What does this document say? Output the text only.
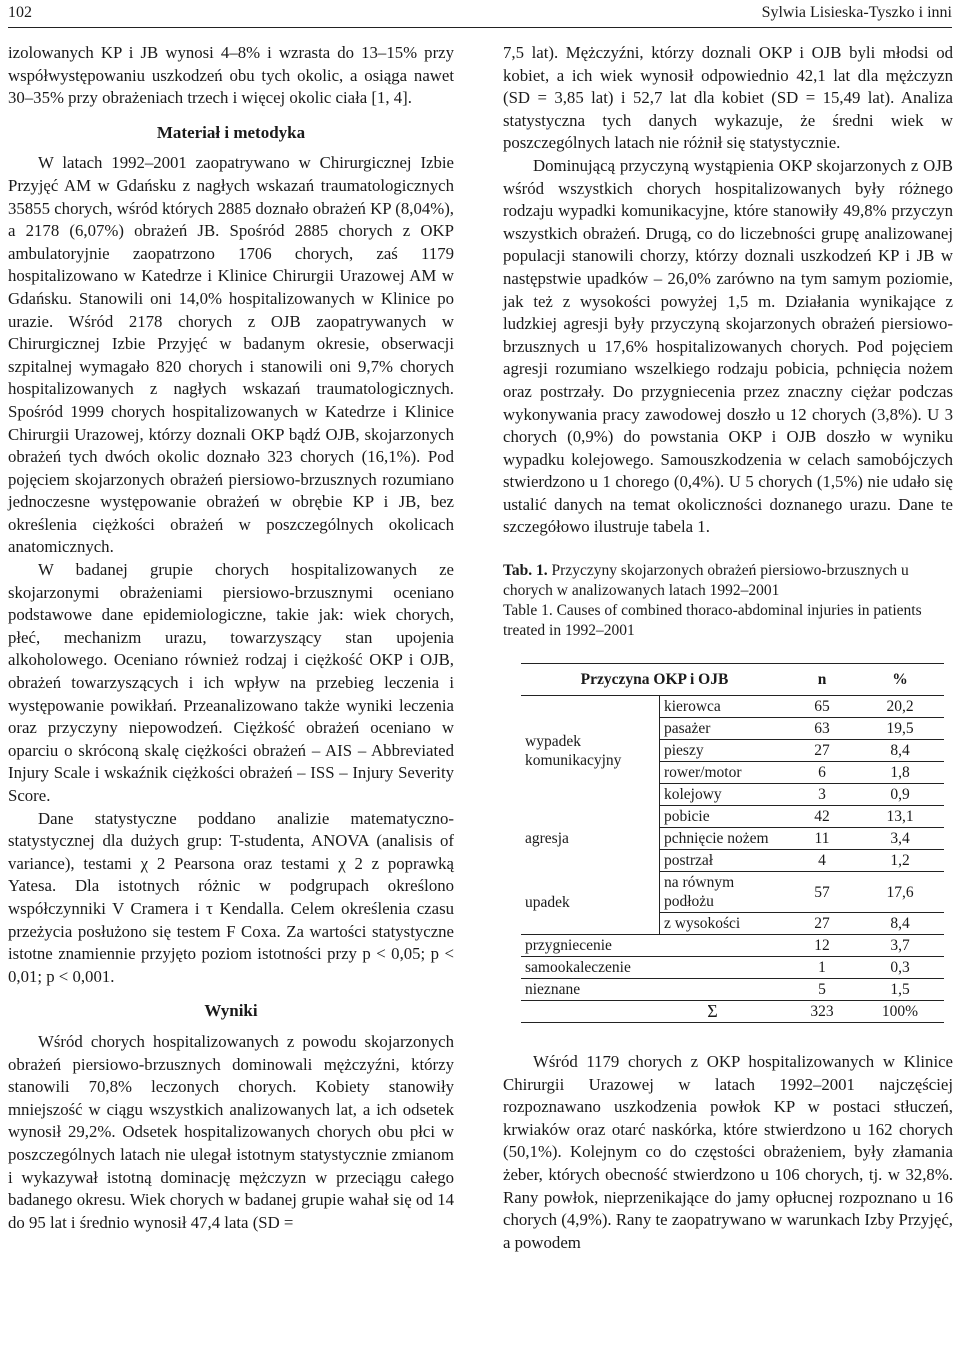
102	Sylwia Lisieska-Tyszko i inni

izolowanych KP i JB wynosi 4–8% i wzrasta do 13–15% przy współwystępowaniu uszkodzeń obu tych okolic, a osiąga nawet 30–35% przy obrażeniach trzech i więcej okolic ciała [1, 4].

Materiał i metodyka

W latach 1992–2001 zaopatrywano w Chirurgicznej Izbie Przyjęć AM w Gdańsku z nagłych wskazań traumatologicznych 35855 chorych, wśród których 2885 doznało obrażeń KP (8,04%), a 2178 (6,07%) obrażeń JB. Spośród 2885 chorych z OKP ambulatoryjnie zaopatrzono 1706 chorych, zaś 1179 hospitalizowano w Katedrze i Klinice Chirurgii Urazowej AM w Gdańsku. Stanowili oni 14,0% hospitalizowanych w Klinice po urazie. Wśród 2178 chorych z OJB zaopatrywanych w Chirurgicznej Izbie Przyjęć w badanym okresie, obserwacji szpitalnej wymagało 820 chorych i stanowili oni 9,7% chorych hospitalizowanych z nagłych wskazań traumatologicznych. Spośród 1999 chorych hospitalizowanych w Katedrze i Klinice Chirurgii Urazowej, którzy doznali OKP bądź OJB, skojarzonych obrażeń tych dwóch okolic doznało 323 chorych (16,1%). Pod pojęciem skojarzonych obrażeń piersiowo-brzusznych rozumiano jednoczesne występowanie obrażeń w obrębie KP i JB, bez określenia ciężkości obrażeń w poszczególnych okolicach anatomicznych.

W badanej grupie chorych hospitalizowanych ze skojarzonymi obrażeniami piersiowo-brzusznymi oceniano podstawowe dane epidemiologiczne, takie jak: wiek chorych, płeć, mechanizm urazu, towarzyszący stan upojenia alkoholowego. Oceniano również rodzaj i ciężkość OKP i OJB, obrażeń towarzyszących i ich wpływ na przebieg leczenia i występowanie powikłań. Przeanalizowano także wyniki leczenia oraz przyczyny niepowodzeń. Ciężkość obrażeń oceniano w oparciu o skróconą skalę ciężkości obrażeń – AIS – Abbreviated Injury Scale i wskaźnik ciężkości obrażeń – ISS – Injury Severity Score.

Dane statystyczne poddano analizie matematyczno-statystycznej dla dużych grup: T-studenta, ANOVA (analisis of variance), testami χ 2 Pearsona oraz testami χ 2 z poprawką Yatesa. Dla istotnych różnic w podgrupach określono współczynniki V Cramera i τ Kendalla. Celem określenia czasu przeżycia posłużono się testem F Coxa. Za wartości statystyczne istotne znamiennie przyjęto poziom istotności przy p < 0,05; p < 0,01; p < 0,001.

Wyniki

Wśród chorych hospitalizowanych z powodu skojarzonych obrażeń piersiowo-brzusznych dominowali mężczyźni, którzy stanowili 70,8% leczonych chorych. Kobiety stanowiły mniejszość w ciągu wszystkich analizowanych lat, a ich odsetek wynosił 29,2%. Odsetek hospitalizowanych chorych obu płci w poszczególnych latach nie ulegał istotnym statystycznie zmianom i wykazywał istotną dominację mężczyzn w przeciągu całego badanego okresu. Wiek chorych w badanej grupie wahał się od 14 do 95 lat i średnio wynosił 47,4 lata (SD =

7,5 lat). Mężczyźni, którzy doznali OKP i OJB byli młodsi od kobiet, a ich wiek wynosił odpowiednio 42,1 lat dla mężczyzn (SD = 3,85 lat) i 52,7 lat dla kobiet (SD = 15,49 lat). Analiza statystyczna tych danych wykazuje, że średni wiek w poszczególnych latach nie różnił się statystycznie.

Dominującą przyczyną wystąpienia OKP skojarzonych z OJB wśród wszystkich chorych hospitalizowanych były różnego rodzaju wypadki komunikacyjne, które stanowiły 49,8% przyczyn wszystkich obrażeń. Drugą, co do liczebności grupę analizowanej populacji stanowili chorzy, którzy doznali uszkodzeń KP i JB w następstwie upadków – 26,0% zarówno na tym samym poziomie, jak też z wysokości powyżej 1,5 m. Działania wynikające z ludzkiej agresji były przyczyną skojarzonych obrażeń piersiowo-brzusznych u 17,6% hospitalizowanych chorych. Pod pojęciem agresji rozumiano wszelkiego rodzaju pobicia, pchnięcia nożem oraz postrzały. Do przygniecenia przez znaczny ciężar podczas wykonywania pracy zawodowej doszło u 12 chorych (3,8%). U 3 chorych (0,9%) do powstania OKP i OJB doszło w wyniku wypadku kolejowego. Samouszkodzenia w celach samobójczych stwierdzono u 1 chorego (0,4%). U 5 chorych (1,5%) nie udało się ustalić danych na temat okoliczności doznanego urazu. Dane te szczegółowo ilustruje tabela 1.

Tab. 1. Przyczyny skojarzonych obrażeń piersiowo-brzusznych u chorych w analizowanych latach 1992–2001
Table 1. Causes of combined thoraco-abdominal injuries in patients treated in 1992–2001
Przyczyna OKP i OJB		n	%
wypadek komunikacyjny	kierowca	65	20,2
	pasażer	63	19,5
	pieszy	27	8,4
	rower/motor	6	1,8
	kolejowy	3	0,9
agresja	pobicie	42	13,1
	pchnięcie nożem	11	3,4
	postrzał	4	1,2
upadek	na równym podłożu	57	17,6
	z wysokości	27	8,4
przygniecenie		12	3,7
samookaleczenie		1	0,3
nieznane		5	1,5
Σ		323	100%

Wśród 1179 chorych z OKP hospitalizowanych w Klinice Chirurgii Urazowej w latach 1992–2001 najczęściej rozpoznawano uszkodzenia powłok KP w postaci stłuczeń, krwiaków oraz otarć naskórka, które stwierdzono u 162 chorych (50,1%). Kolejnym co do częstości obrażeniem, były złamania żeber, których obecność stwierdzono u 106 chorych, tj. w 32,8%. Rany powłok, nieprzenikające do jamy opłucnej rozpoznano u 16 chorych (4,9%). Rany te zaopatrywano w warunkach Izby Przyjęć, a powodem
